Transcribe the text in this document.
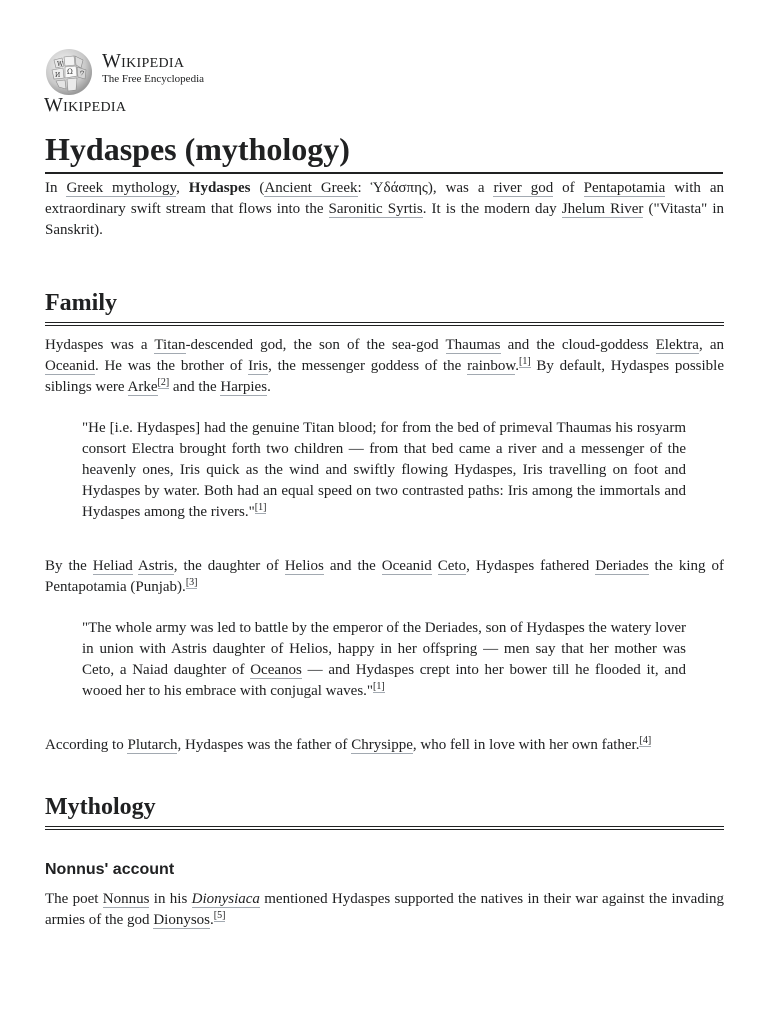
W
Ω
И	ウ
Wikipedia
The Free Encyclopedia
Wikipedia
Hydaspes (mythology)

In Greek mythology, Hydaspes (Ancient Greek: Ὑδάσπης), was a river god of Pentapotamia with an extraordinary swift stream that flows into the Saronitic Syrtis. It is the modern day Jhelum River ("Vitasta" in Sanskrit).

Family

Hydaspes was a Titan-descended god, the son of the sea-god Thaumas and the cloud-goddess Elektra, an Oceanid. He was the brother of Iris, the messenger goddess of the rainbow.[1] By default, Hydaspes possible siblings were Arke[2] and the Harpies.

"He [i.e. Hydaspes] had the genuine Titan blood; for from the bed of primeval Thaumas his rosyarm consort Electra brought forth two children — from that bed came a river and a messenger of the heavenly ones, Iris quick as the wind and swiftly flowing Hydaspes, Iris travelling on foot and Hydaspes by water. Both had an equal speed on two contrasted paths: Iris among the immortals and Hydaspes among the rivers."[1]

By the Heliad Astris, the daughter of Helios and the Oceanid Ceto, Hydaspes fathered Deriades the king of Pentapotamia (Punjab).[3]

"The whole army was led to battle by the emperor of the Deriades, son of Hydaspes the watery lover in union with Astris daughter of Helios, happy in her offspring — men say that her mother was Ceto, a Naiad daughter of Oceanos — and Hydaspes crept into her bower till he flooded it, and wooed her to his embrace with conjugal waves."[1]

According to Plutarch, Hydaspes was the father of Chrysippe, who fell in love with her own father.[4]

Mythology
Nonnus' account

The poet Nonnus in his Dionysiaca mentioned Hydaspes supported the natives in their war against the invading armies of the god Dionysos.[5]
